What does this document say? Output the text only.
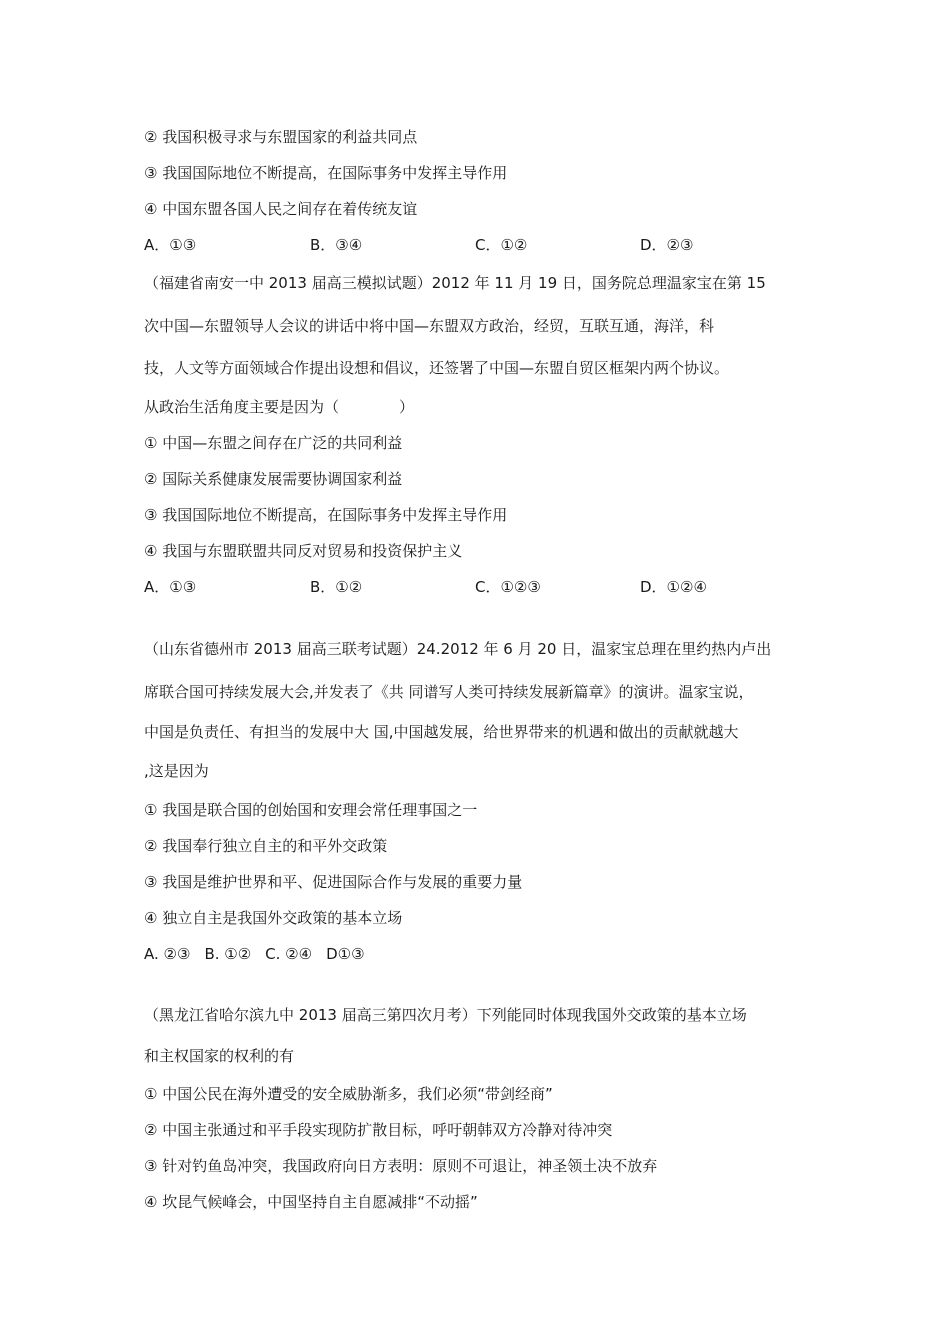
② 我国积极寻求与东盟国家的利益共同点
③ 我国国际地位不断提高，在国际事务中发挥主导作用
④ 中国东盟各国人民之间存在着传统友谊
A．①③	B．③④	C．①②	D．②③
（福建省南安一中 2013 届高三模拟试题）2012 年 11 月 19 日，国务院总理温家宝在第 15
次中国—东盟领导人会议的讲话中将中国—东盟双方政治，经贸，互联互通，海洋，科
技，人文等方面领域合作提出设想和倡议，还签署了中国—东盟自贸区框架内两个协议。
从政治生活角度主要是因为（　　　　）
① 中国—东盟之间存在广泛的共同利益
② 国际关系健康发展需要协调国家利益
③ 我国国际地位不断提高，在国际事务中发挥主导作用
④ 我国与东盟联盟共同反对贸易和投资保护主义
A．①③	B．①②	C．①②③	D．①②④
（山东省德州市 2013 届高三联考试题）24.2012 年 6 月 20 日，温家宝总理在里约热内卢出
席联合国可持续发展大会,并发表了《共 同谱写人类可持续发展新篇章》的演讲。温家宝说，
中国是负责任、有担当的发展中大 国,中国越发展，给世界带来的机遇和做出的贡献就越大
,这是因为
① 我国是联合国的创始国和安理会常任理事国之一
② 我国奉行独立自主的和平外交政策
③ 我国是维护世界和平、促进国际合作与发展的重要力量
④ 独立自主是我国外交政策的基本立场
A. ②③ B. ①② C. ②④ D①③
（黑龙江省哈尔滨九中 2013 届高三第四次月考）下列能同时体现我国外交政策的基本立场
和主权国家的权利的有
① 中国公民在海外遭受的安全威胁渐多，我们必须“带剑经商”
② 中国主张通过和平手段实现防扩散目标，呼吁朝韩双方冷静对待冲突
③ 针对钓鱼岛冲突，我国政府向日方表明：原则不可退让，神圣领土决不放弃
④ 坎昆气候峰会，中国坚持自主自愿减排“不动摇”
